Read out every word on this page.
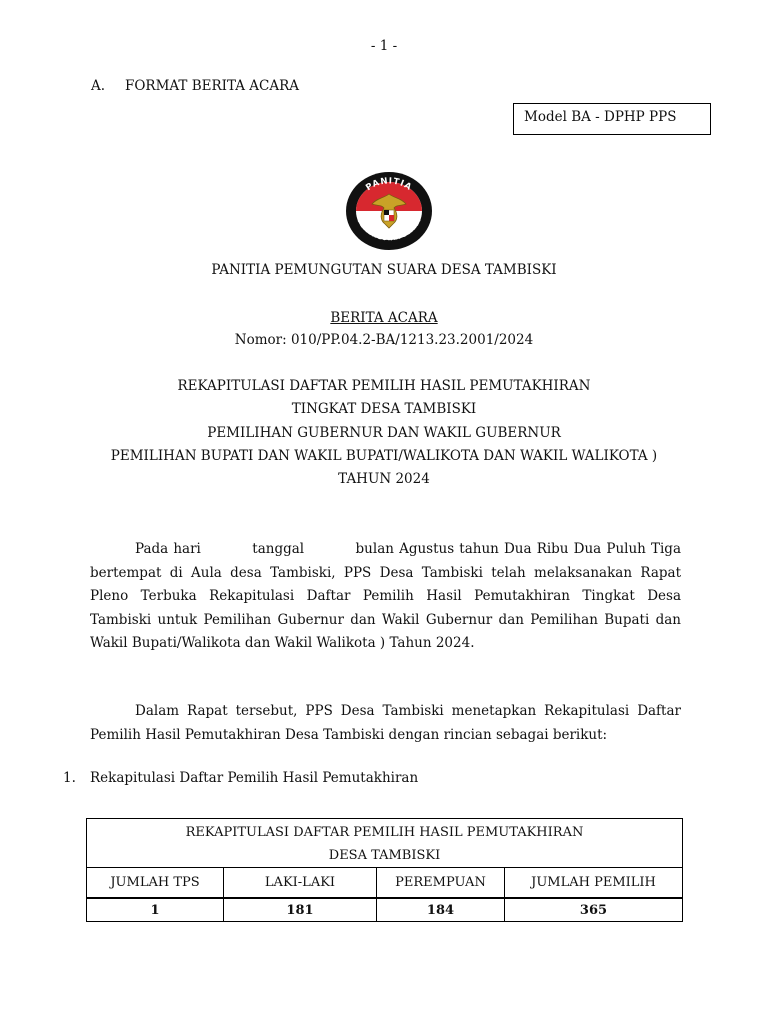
- 1 -
A. FORMAT BERITA ACARA
Model BA - DPHP PPS
PANITIA
PEMUNGUTAN SUARA
PANITIA PEMUNGUTAN SUARA DESA TAMBISKI
BERITA ACARA
Nomor: 010/PP.04.2-BA/1213.23.2001/2024
REKAPITULASI DAFTAR PEMILIH HASIL PEMUTAKHIRAN
TINGKAT DESA TAMBISKI
PEMILIHAN GUBERNUR DAN WAKIL GUBERNUR
PEMILIHAN BUPATI DAN WAKIL BUPATI/WALIKOTA DAN WAKIL WALIKOTA )
TAHUN 2024

Pada hari          tanggal          bulan Agustus tahun Dua Ribu Dua Puluh Tiga bertempat di Aula desa Tambiski, PPS Desa Tambiski telah melaksanakan Rapat Pleno Terbuka Rekapitulasi Daftar Pemilih Hasil Pemutakhiran Tingkat Desa Tambiski untuk Pemilihan Gubernur dan Wakil Gubernur dan Pemilihan Bupati dan Wakil Bupati/Walikota dan Wakil Walikota ) Tahun 2024.

Dalam Rapat tersebut, PPS Desa Tambiski menetapkan Rekapitulasi Daftar Pemilih Hasil Pemutakhiran Desa Tambiski dengan rincian sebagai berikut:

1. Rekapitulasi Daftar Pemilih Hasil Pemutakhiran
REKAPITULASI DAFTAR PEMILIH HASIL PEMUTAKHIRAN			
DESA TAMBISKI			
JUMLAH TPS	LAKI-LAKI	PEREMPUAN	JUMLAH PEMILIH
1	181	184	365
